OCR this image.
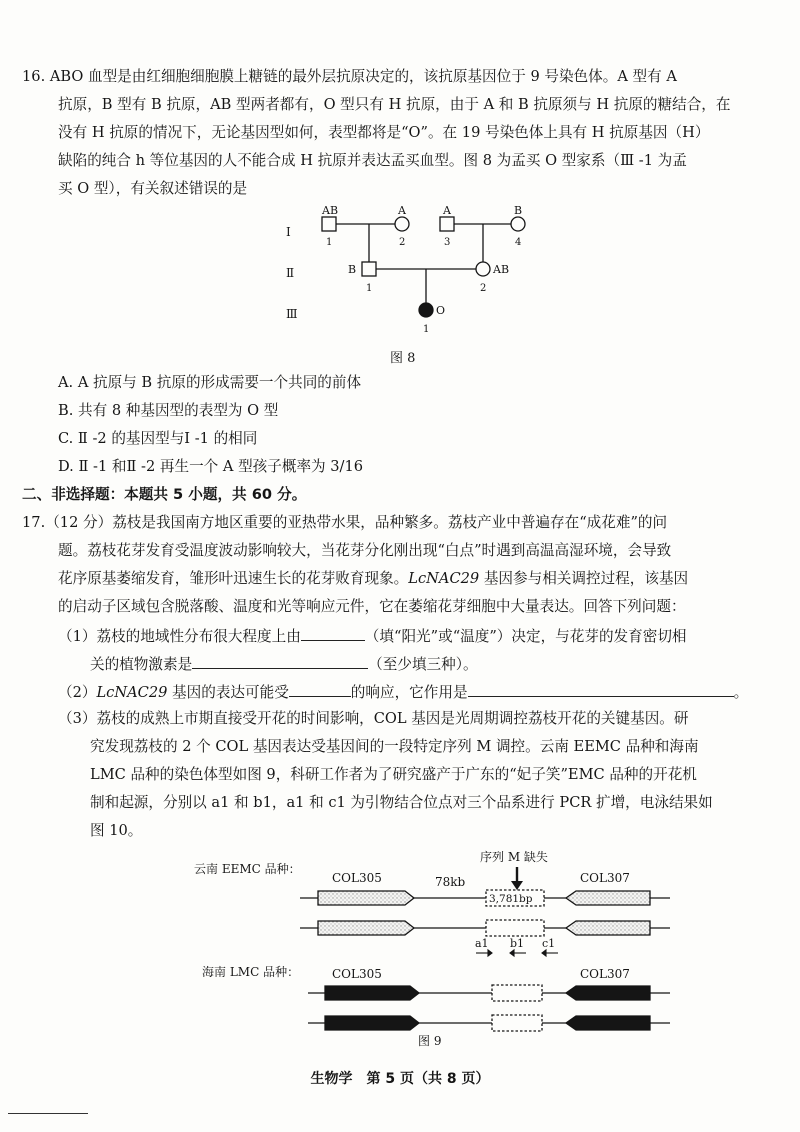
16. ABO 血型是由红细胞细胞膜上糖链的最外层抗原决定的，该抗原基因位于 9 号染色体。A 型有 A
抗原，B 型有 B 抗原，AB 型两者都有，O 型只有 H 抗原，由于 A 和 B 抗原须与 H 抗原的糖结合，在
没有 H 抗原的情况下，无论基因型如何，表型都将是“O”。在 19 号染色体上具有 H 抗原基因（H）
缺陷的纯合 h 等位基因的人不能合成 H 抗原并表达孟买血型。图 8 为孟买 O 型家系（Ⅲ -1 为孟
买 O 型），有关叙述错误的是
Ⅰ
Ⅱ
Ⅲ
AB
1
A
2
A
3
B
4
B
1
AB
2
O
1
图 8
A. A 抗原与 B 抗原的形成需要一个共同的前体
B. 共有 8 种基因型的表型为 O 型
C. Ⅱ -2 的基因型与Ⅰ -1 的相同
D. Ⅱ -1 和Ⅱ -2 再生一个 A 型孩子概率为 3/16
二、非选择题：本题共 5 小题，共 60 分。
17.（12 分）荔枝是我国南方地区重要的亚热带水果，品种繁多。荔枝产业中普遍存在“成花难”的问
题。荔枝花芽发育受温度波动影响较大，当花芽分化刚出现“白点”时遇到高温高湿环境，会导致
花序原基萎缩发育，雏形叶迅速生长的花芽败育现象。LcNAC29 基因参与相关调控过程，该基因
的启动子区域包含脱落酸、温度和光等响应元件，它在萎缩花芽细胞中大量表达。回答下列问题：
（1）荔枝的地域性分布很大程度上由	（填“阳光”或“温度”）决定，与花芽的发育密切相
关的植物激素是	（至少填三种）。
（2）LcNAC29 基因的表达可能受	的响应，它作用是	。
（3）荔枝的成熟上市期直接受开花的时间影响，COL 基因是光周期调控荔枝开花的关键基因。研
究发现荔枝的 2 个 COL 基因表达受基因间的一段特定序列 M 调控。云南 EEMC 品种和海南
LMC 品种的染色体型如图 9，科研工作者为了研究盛产于广东的“妃子笑”EMC 品种的开花机
制和起源，分别以 a1 和 b1，a1 和 c1 为引物结合位点对三个品系进行 PCR 扩增，电泳结果如
图 10。
云南 EEMC 品种：
海南 LMC 品种：
序列 M 缺失
COL305	COL307
78kb
COL305	COL307
3,781bp
a1 b1 c1
图 9
生物学　第 5 页（共 8 页）
